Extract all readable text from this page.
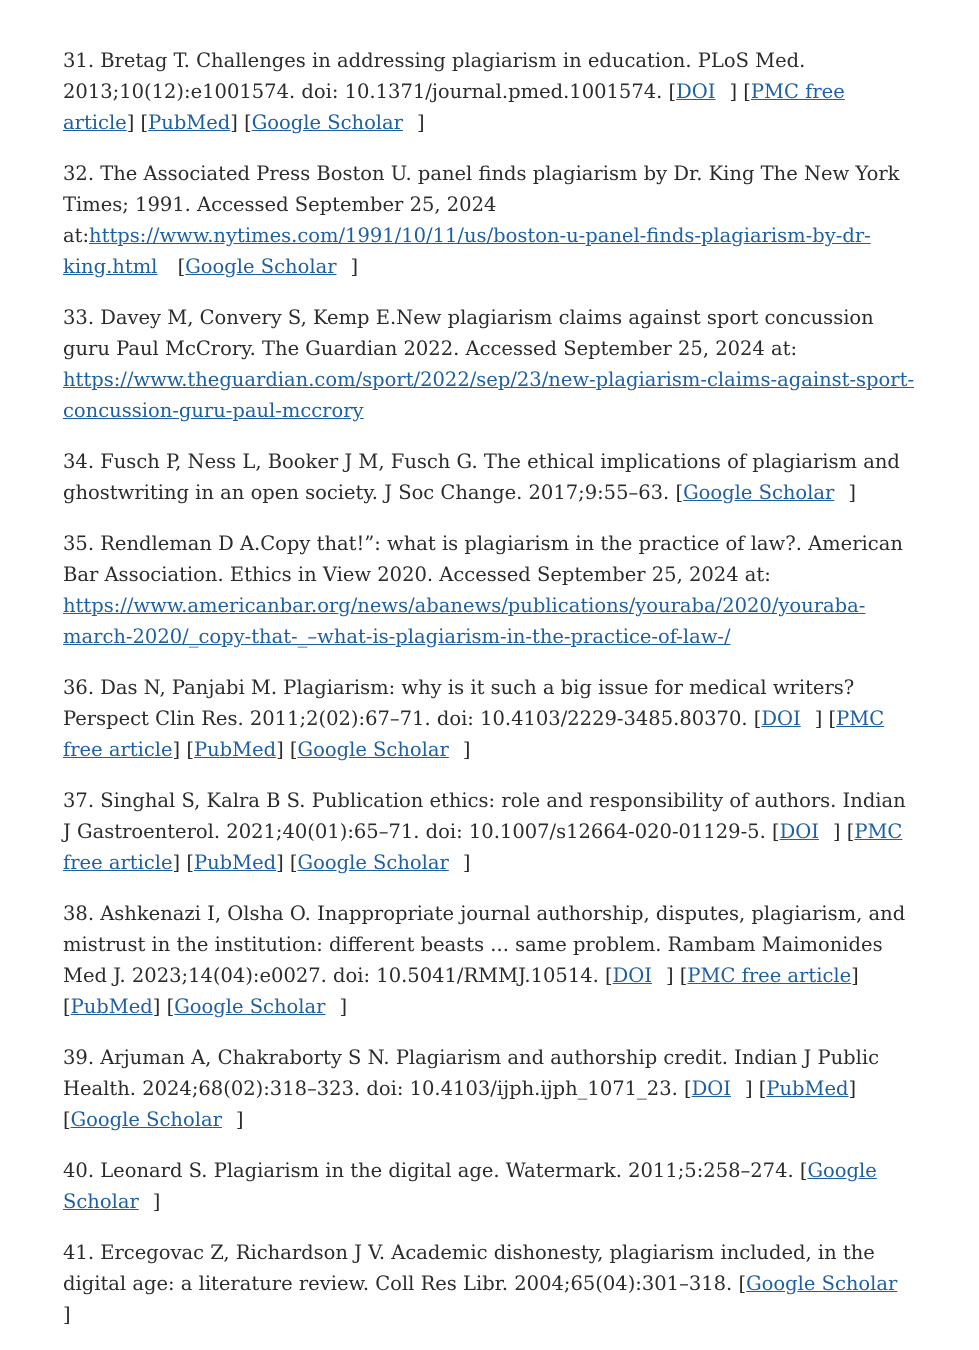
31. Bretag T. Challenges in addressing plagiarism in education. PLoS Med. 2013;10(12):e1001574. doi: 10.1371/journal.pmed.1001574. [DOI ] [PMC free article] [PubMed] [Google Scholar ]

32. The Associated Press Boston U. panel finds plagiarism by Dr. King The New York Times; 1991. Accessed September 25, 2024 at:https://www.nytimes.com/1991/10/11/us/boston-u-panel-finds-plagiarism-by-dr-king.html [Google Scholar ]

33. Davey M, Convery S, Kemp E.New plagiarism claims against sport concussion guru Paul McCrory. The Guardian 2022. Accessed September 25, 2024 at:
https://www.theguardian.com/sport/2022/sep/23/new-plagiarism-claims-against-sport-concussion-guru-paul-mccrory

34. Fusch P, Ness L, Booker J M, Fusch G. The ethical implications of plagiarism and ghostwriting in an open society. J Soc Change. 2017;9:55–63. [Google Scholar ]

35. Rendleman D A.Copy that!”: what is plagiarism in the practice of law?. American Bar Association. Ethics in View 2020. Accessed September 25, 2024 at:
https://www.americanbar.org/news/abanews/publications/youraba/2020/youraba-march-2020/_copy-that-_–what-is-plagiarism-in-the-practice-of-law-/

36. Das N, Panjabi M. Plagiarism: why is it such a big issue for medical writers? Perspect Clin Res. 2011;2(02):67–71. doi: 10.4103/2229-3485.80370. [DOI ] [PMC free article] [PubMed] [Google Scholar ]

37. Singhal S, Kalra B S. Publication ethics: role and responsibility of authors. Indian J Gastroenterol. 2021;40(01):65–71. doi: 10.1007/s12664-020-01129-5. [DOI ] [PMC free article] [PubMed] [Google Scholar ]

38. Ashkenazi I, Olsha O. Inappropriate journal authorship, disputes, plagiarism, and mistrust in the institution: different beasts ... same problem. Rambam Maimonides Med J. 2023;14(04):e0027. doi: 10.5041/RMMJ.10514. [DOI ] [PMC free article] [PubMed] [Google Scholar ]

39. Arjuman A, Chakraborty S N. Plagiarism and authorship credit. Indian J Public Health. 2024;68(02):318–323. doi: 10.4103/ijph.ijph_1071_23. [DOI ] [PubMed] [Google Scholar ]

40. Leonard S. Plagiarism in the digital age. Watermark. 2011;5:258–274. [Google Scholar ]

41. Ercegovac Z, Richardson J V. Academic dishonesty, plagiarism included, in the digital age: a literature review. Coll Res Libr. 2004;65(04):301–318. [Google Scholar]
